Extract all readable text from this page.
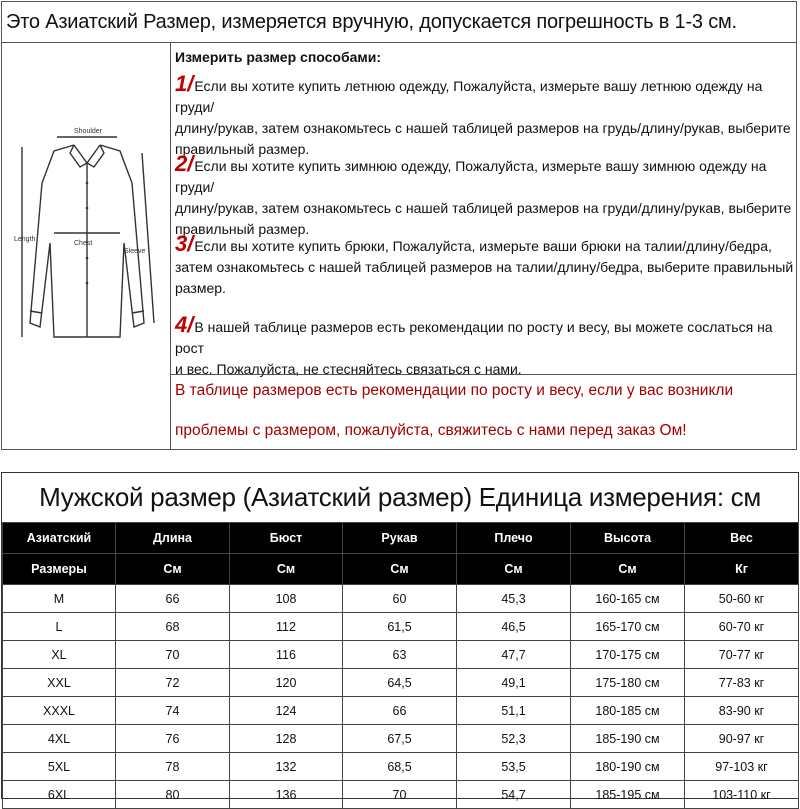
Это Азиатский Размер, измеряется вручную, допускается погрешность в 1-3 см.
Shoulder
Length
Chest
Sleeve
Измерить размер способами:
1/Если вы хотите купить летнюю одежду, Пожалуйста, измерьте вашу летнюю одежду на груди/
длину/рукав, затем ознакомьтесь с нашей таблицей размеров на грудь/длину/рукав, выберите
правильный размер.
2/Если вы хотите купить зимнюю одежду, Пожалуйста, измерьте вашу зимнюю одежду на груди/
длину/рукав, затем ознакомьтесь с нашей таблицей размеров на груди/длину/рукав, выберите
правильный размер.
3/Если вы хотите купить брюки, Пожалуйста, измерьте ваши брюки на талии/длину/бедра,
затем ознакомьтесь с нашей таблицей размеров на талии/длину/бедра, выберите правильный
размер.
4/В нашей таблице размеров есть рекомендации по росту и весу, вы можете сослаться на рост
и вес. Пожалуйста, не стесняйтесь связаться с нами.
В таблице размеров есть рекомендации по росту и весу, если у вас возникли
проблемы с размером, пожалуйста, свяжитесь с нами перед заказ Ом!
Мужской размер (Азиатский размер) Единица измерения: см
Азиатский	Длина	Бюст	Рукав	Плечо	Высота	Вес
Размеры	См	См	См	См	См	Кг
M	66	108	60	45,3	160-165 см	50-60 кг
L	68	112	61,5	46,5	165-170 см	60-70 кг
XL	70	116	63	47,7	170-175 см	70-77 кг
XXL	72	120	64,5	49,1	175-180 см	77-83 кг
XXXL	74	124	66	51,1	180-185 см	83-90 кг
4XL	76	128	67,5	52,3	185-190 см	90-97 кг
5XL	78	132	68,5	53,5	180-190 см	97-103 кг
6XL	80	136	70	54,7	185-195 см	103-110 кг
